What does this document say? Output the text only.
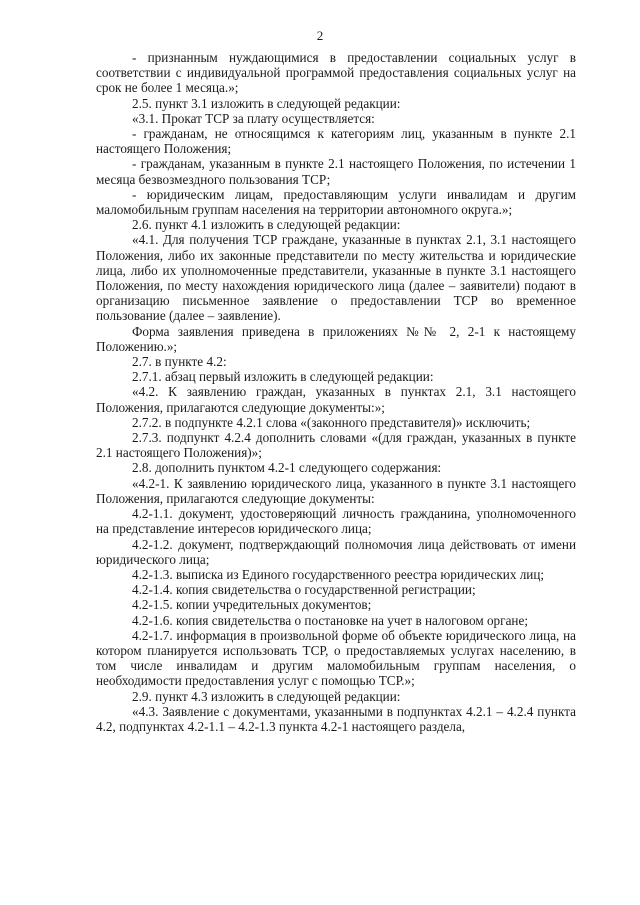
2

- признанным нуждающимися в предоставлении социальных услуг в соответствии с индивидуальной программой предоставления социальных услуг на срок не более 1 месяца.»;

2.5. пункт 3.1 изложить в следующей редакции:

«3.1. Прокат ТСР за плату осуществляется:

- гражданам, не относящимся к категориям лиц, указанным в пункте 2.1 настоящего Положения;

- гражданам, указанным в пункте 2.1 настоящего Положения, по истечении 1 месяца безвозмездного пользования ТСР;

- юридическим лицам, предоставляющим услуги инвалидам и другим маломобильным группам населения на территории автономного округа.»;

2.6. пункт 4.1 изложить в следующей редакции:

«4.1. Для получения ТСР граждане, указанные в пунктах 2.1, 3.1 настоящего Положения, либо их законные представители по месту жительства и юридические лица, либо их уполномоченные представители, указанные в пункте 3.1 настоящего Положения, по месту нахождения юридического лица (далее – заявители) подают в организацию письменное заявление о предоставлении ТСР во временное пользование (далее – заявление).

Форма заявления приведена в приложениях №№ 2, 2-1 к настоящему Положению.»;

2.7. в пункте 4.2:

2.7.1. абзац первый изложить в следующей редакции:

«4.2. К заявлению граждан, указанных в пунктах 2.1, 3.1 настоящего Положения, прилагаются следующие документы:»;

2.7.2. в подпункте 4.2.1 слова «(законного представителя)» исключить;

2.7.3. подпункт 4.2.4 дополнить словами «(для граждан, указанных в пункте 2.1 настоящего Положения)»;

2.8. дополнить пунктом 4.2-1 следующего содержания:

«4.2-1. К заявлению юридического лица, указанного в пункте 3.1 настоящего Положения, прилагаются следующие документы:

4.2-1.1. документ, удостоверяющий личность гражданина, уполномоченного на представление интересов юридического лица;

4.2-1.2. документ, подтверждающий полномочия лица действовать от имени юридического лица;

4.2-1.3. выписка из Единого государственного реестра юридических лиц;

4.2-1.4. копия свидетельства о государственной регистрации;

4.2-1.5. копии учредительных документов;

4.2-1.6. копия свидетельства о постановке на учет в налоговом органе;

4.2-1.7. информация в произвольной форме об объекте юридического лица, на котором планируется использовать ТСР, о предоставляемых услугах населению, в том числе инвалидам и другим маломобильным группам населения, о необходимости предоставления услуг с помощью ТСР.»;

2.9. пункт 4.3 изложить в следующей редакции:

«4.3. Заявление с документами, указанными в подпунктах 4.2.1 – 4.2.4 пункта 4.2, подпунктах 4.2-1.1 – 4.2-1.3 пункта 4.2-1 настоящего раздела,
